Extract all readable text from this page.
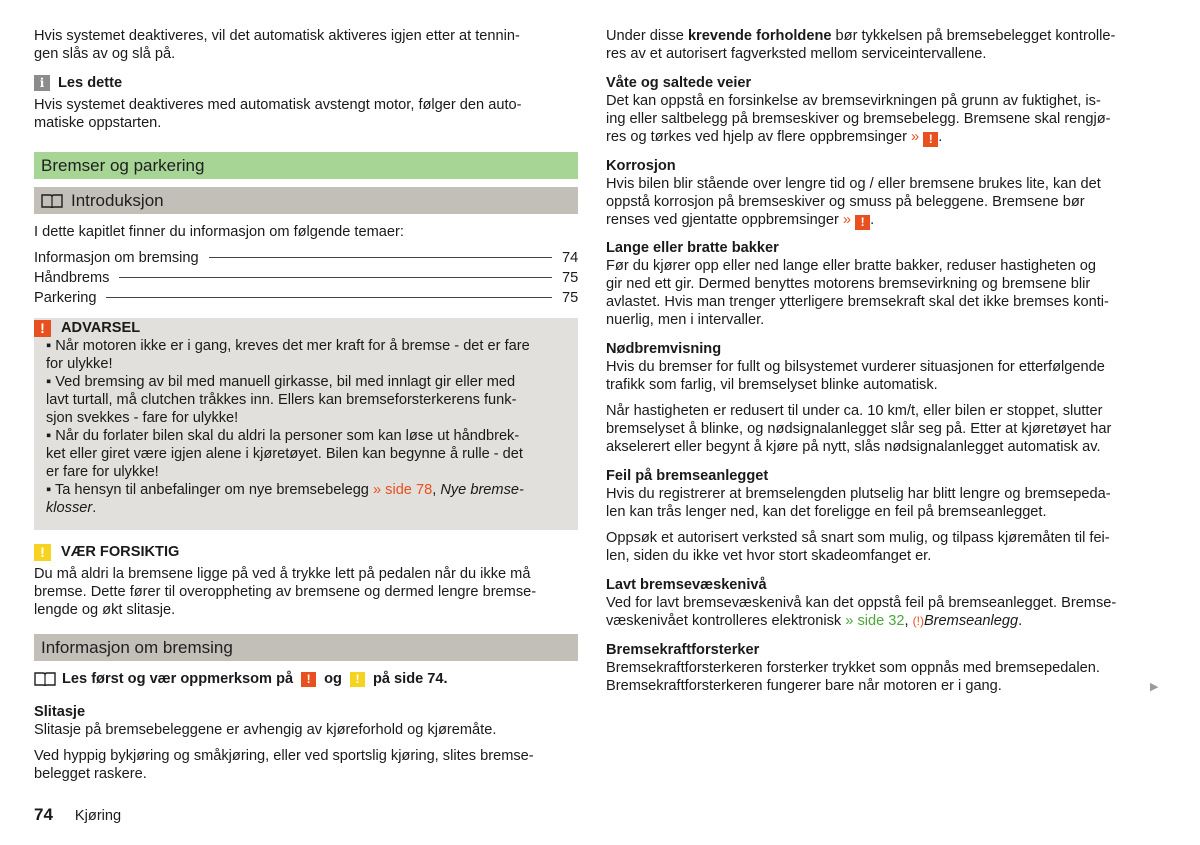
Hvis systemet deaktiveres, vil det automatisk aktiveres igjen etter at tennin-
gen slås av og slå på.
i Les dette
Hvis systemet deaktiveres med automatisk avstengt motor, følger den auto-
matiske oppstarten.
Bremser og parkering
Introduksjon

I dette kapitlet finner du informasjon om følgende temaer:

Informasjon om bremsing	74
Håndbrems	75
Parkering	75
!	ADVARSEL
▪ Når motoren ikke er i gang, kreves det mer kraft for å bremse - det er fare
for ulykke!
▪ Ved bremsing av bil med manuell girkasse, bil med innlagt gir eller med
lavt turtall, må clutchen tråkkes inn. Ellers kan bremseforsterkerens funk-
sjon svekkes - fare for ulykke!
▪ Når du forlater bilen skal du aldri la personer som kan løse ut håndbrek-
ket eller giret være igjen alene i kjøretøyet. Bilen kan begynne å rulle - det
er fare for ulykke!
▪ Ta hensyn til anbefalinger om nye bremsebelegg » side 78, Nye bremse-
klosser.
!	VÆR FORSIKTIG
Du må aldri la bremsene ligge på ved å trykke lett på pedalen når du ikke må
bremse. Dette fører til overoppheting av bremsene og dermed lengre bremse-
lengde og økt slitasje.
Informasjon om bremsing
Les først og vær oppmerksom på	! og	! på side 74.
Slitasje
Slitasje på bremsebeleggene er avhengig av kjøreforhold og kjøremåte.
Ved hyppig bykjøring og småkjøring, eller ved sportslig kjøring, slites bremse-
belegget raskere.
74 Kjøring
Under disse krevende forholdene bør tykkelsen på bremsebelegget kontrolle-
res av et autorisert fagverksted mellom serviceintervallene.
Våte og saltede veier
Det kan oppstå en forsinkelse av bremsevirkningen på grunn av fuktighet, is-
ing eller saltbelegg på bremseskiver og bremsebelegg. Bremsene skal rengjø-
res og tørkes ved hjelp av flere oppbremsinger » ! .
Korrosjon
Hvis bilen blir stående over lengre tid og / eller bremsene brukes lite, kan det
oppstå korrosjon på bremseskiver og smuss på beleggene. Bremsene bør
renses ved gjentatte oppbremsinger » ! .
Lange eller bratte bakker
Før du kjører opp eller ned lange eller bratte bakker, reduser hastigheten og
gir ned ett gir. Dermed benyttes motorens bremsevirkning og bremsene blir
avlastet. Hvis man trenger ytterligere bremsekraft skal det ikke bremses konti-
nuerlig, men i intervaller.
Nødbremvisning
Hvis du bremser for fullt og bilsystemet vurderer situasjonen for etterfølgende
trafikk som farlig, vil bremselyset blinke automatisk.
Når hastigheten er redusert til under ca. 10 km/t, eller bilen er stoppet, slutter
bremselyset å blinke, og nødsignalanlegget slår seg på. Etter at kjøretøyet har
akselerert eller begynt å kjøre på nytt, slås nødsignalanlegget automatisk av.
Feil på bremseanlegget
Hvis du registrerer at bremselengden plutselig har blitt lengre og bremsepeda-
len kan trås lenger ned, kan det foreligge en feil på bremseanlegget.
Oppsøk et autorisert verksted så snart som mulig, og tilpass kjøremåten til fei-
len, siden du ikke vet hvor stort skadeomfanget er.
Lavt bremsevæskenivå
Ved for lavt bremsevæskenivå kan det oppstå feil på bremseanlegget. Bremse-
væskenivået kontrolleres elektronisk » side 32, (!)Bremseanlegg.
Bremsekraftforsterker
Bremsekraftforsterkeren forsterker trykket som oppnås med bremsepedalen.
Bremsekraftforsterkeren fungerer bare når motoren er i gang.	▶
